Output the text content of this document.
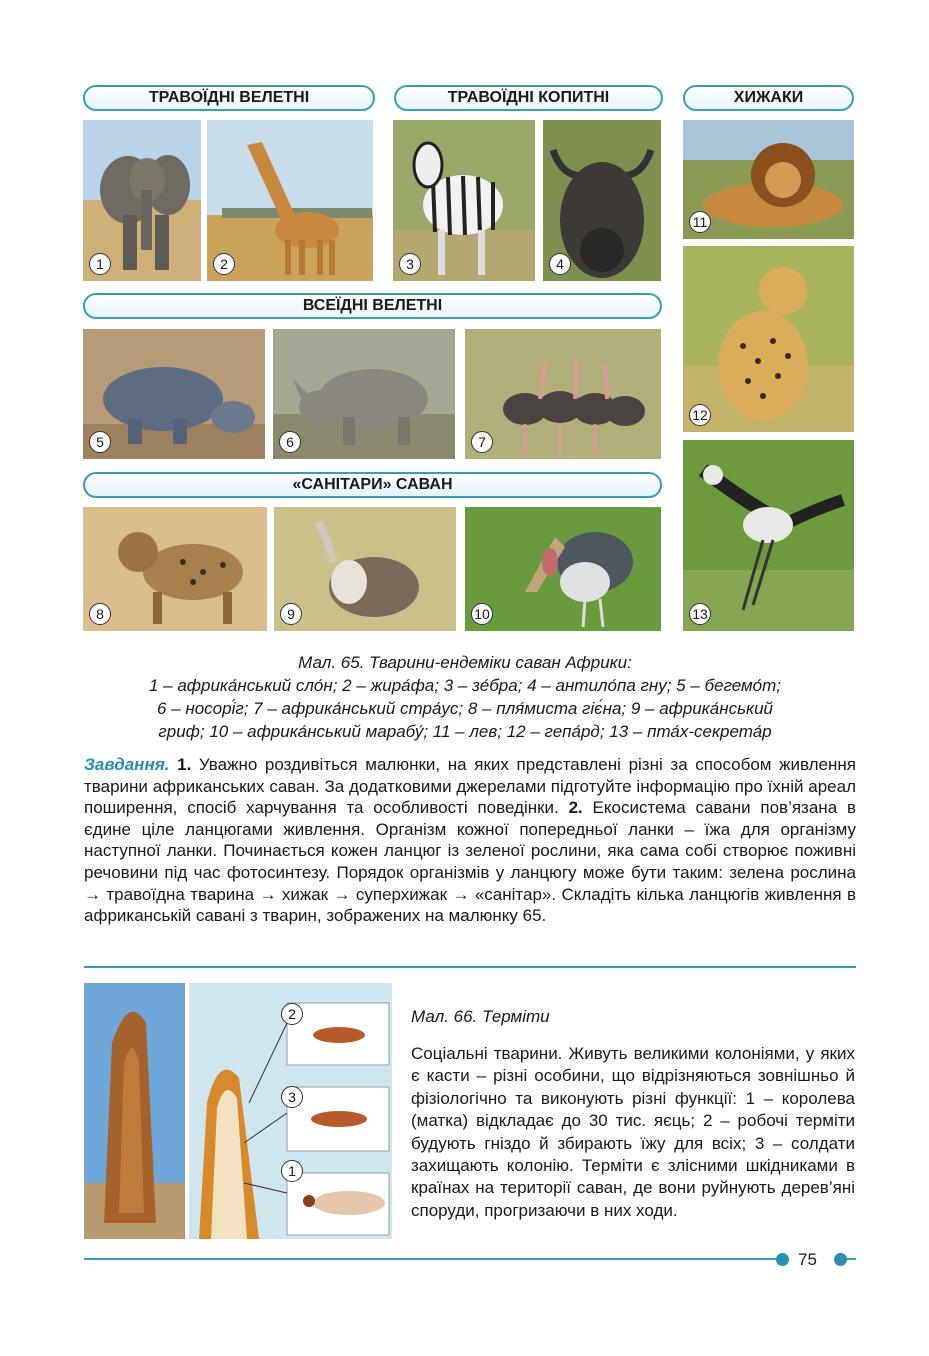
ТРАВОЇДНІ ВЕЛЕТНІ	ТРАВОЇДНІ КОПИТНІ	ХИЖАКИ
ВСЕЇДНІ ВЕЛЕТНІ
«САНІТАРИ» САВАН
1	2	3	4
11
5	6	7
12
8	9	10	13
Мал. 65. Тварини-ендеміки саван Африки:
1 – африка́нський сло́н; 2 – жира́фа; 3 – зе́бра; 4 – антило́па гну; 5 – бегемо́т;
6 – носорі́г; 7 – африка́нський стра́ус; 8 – пля́миста гіє́на; 9 – африка́нський
гриф; 10 – африка́нський марабу́; 11 – лев; 12 – гепа́рд; 13 – пта́х-секрета́р
Завдання. 1. Уважно роздивіться малюнки, на яких представлені різні за способом живлення тварини африканських саван. За додатковими джерелами підготуйте інформацію про їхній ареал поширення, спосіб харчування та особливості поведінки. 2. Екосистема савани пов’язана в єдине ціле ланцюгами живлення. Організм кожної попередньої ланки – їжа для організму наступної ланки. Починається кожен ланцюг із зеленої рослини, яка сама собі створює поживні речовини під час фотосинтезу. Порядок організмів у ланцюгу може бути таким: зелена рослина → травоїдна тварина → хижак → суперхижак → «санітар». Складіть кілька ланцюгів живлення в африканській савані з тварин, зображених на малюнку 65.
2
3
1
Мал. 66. Терміти
Соціальні тварини. Живуть великими колоніями, у яких є касти – різні особини, що відрізняються зовнішньо й фізіологічно та виконують різні функції: 1 – королева (матка) відкладає до 30 тис. яєць; 2 – робочі терміти будують гніздо й збирають їжу для всіх; 3 – солдати захищають колонію. Терміти є злісними шкідниками в країнах на території саван, де вони руйнують дерев’яні споруди, прогризаючи в них ходи.
75
